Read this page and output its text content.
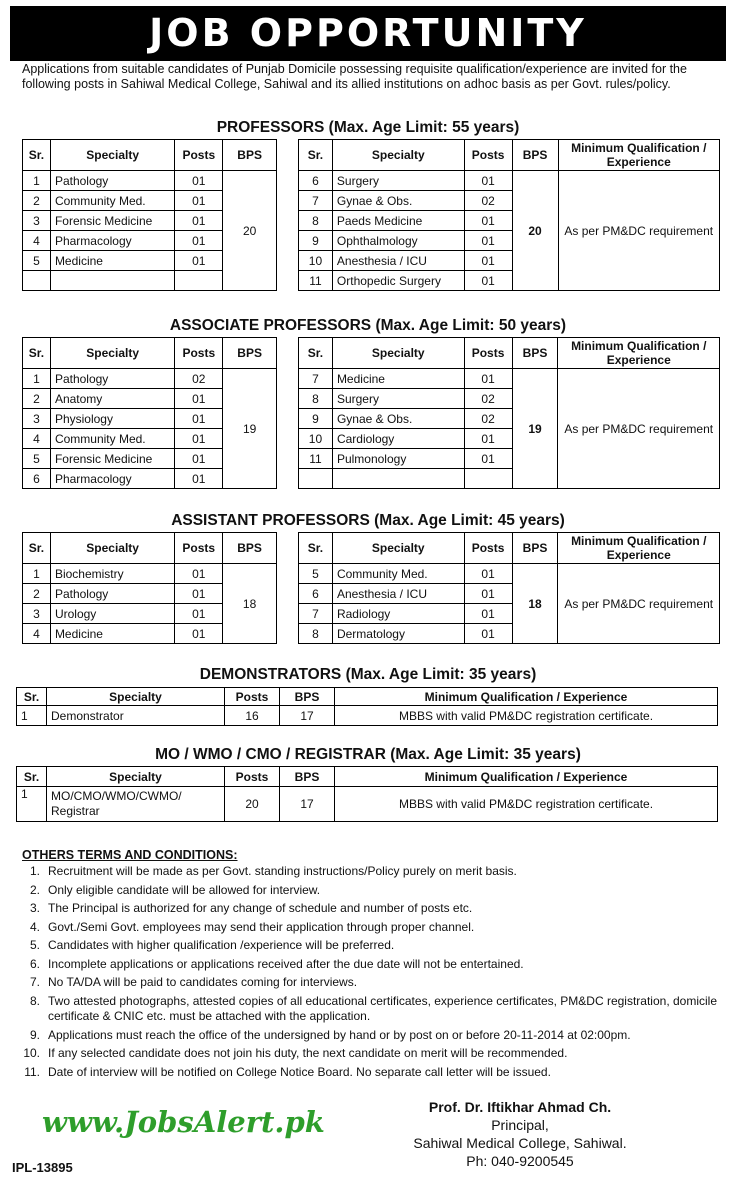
JOB OPPORTUNITY
Applications from suitable candidates of Punjab Domicile possessing requisite qualification/experience are invited for the following posts in Sahiwal Medical College, Sahiwal and its allied institutions on adhoc basis as per Govt. rules/policy.
PROFESSORS (Max. Age Limit: 55 years)
Sr.	Specialty	Posts	BPS
1	Pathology	01	20
2	Community Med.	01	
3	Forensic Medicine	01	
4	Pharmacology	01	
5	Medicine	01	

Sr.	Specialty	Posts	BPS	Minimum Qualification / Experience
6	Surgery	01	20	As per PM&DC requirement
7	Gynae & Obs.	02		
8	Paeds Medicine	01		
9	Ophthalmology	01		
10	Anesthesia / ICU	01		
11	Orthopedic Surgery	01		
ASSOCIATE PROFESSORS (Max. Age Limit: 50 years)
Sr.	Specialty	Posts	BPS
1	Pathology	02	19
2	Anatomy	01	
3	Physiology	01	
4	Community Med.	01	
5	Forensic Medicine	01	
6	Pharmacology	01	
Sr.	Specialty	Posts	BPS	Minimum Qualification / Experience
7	Medicine	01	19	As per PM&DC requirement
8	Surgery	02		
9	Gynae & Obs.	02		
10	Cardiology	01		
11	Pulmonology	01		

ASSISTANT PROFESSORS (Max. Age Limit: 45 years)
Sr.	Specialty	Posts	BPS
1	Biochemistry	01	18
2	Pathology	01	
3	Urology	01	
4	Medicine	01	
Sr.	Specialty	Posts	BPS	Minimum Qualification / Experience
5	Community Med.	01	18	As per PM&DC requirement
6	Anesthesia / ICU	01		
7	Radiology	01		
8	Dermatology	01		
DEMONSTRATORS (Max. Age Limit: 35 years)
Sr.	Specialty	Posts	BPS	Minimum Qualification / Experience
1	Demonstrator	16	17	MBBS with valid PM&DC registration certificate.
MO / WMO / CMO / REGISTRAR (Max. Age Limit: 35 years)
Sr.	Specialty	Posts	BPS	Minimum Qualification / Experience
1	MO/CMO/WMO/CWMO/
Registrar	20	17	MBBS with valid PM&DC registration certificate.
OTHERS TERMS AND CONDITIONS:
1. Recruitment will be made as per Govt. standing instructions/Policy purely on merit basis.
2. Only eligible candidate will be allowed for interview.
3. The Principal is authorized for any change of schedule and number of posts etc.
4. Govt./Semi Govt. employees may send their application through proper channel.
5. Candidates with higher qualification /experience will be preferred.
6. Incomplete applications or applications received after the due date will not be entertained.
7. No TA/DA will be paid to candidates coming for interviews.
8. Two attested photographs, attested copies of all educational certificates, experience certificates, PM&DC registration, domicile certificate & CNIC etc. must be attached with the application.
9. Applications must reach the office of the undersigned by hand or by post on or before 20-11-2014 at 02:00pm.
10. If any selected candidate does not join his duty, the next candidate on merit will be recommended.
11. Date of interview will be notified on College Notice Board. No separate call letter will be issued.
www.JobsAlert.pk	Prof. Dr. Iftikhar Ahmad Ch.
Principal,
Sahiwal Medical College, Sahiwal.
Ph: 040-9200545
IPL-13895
